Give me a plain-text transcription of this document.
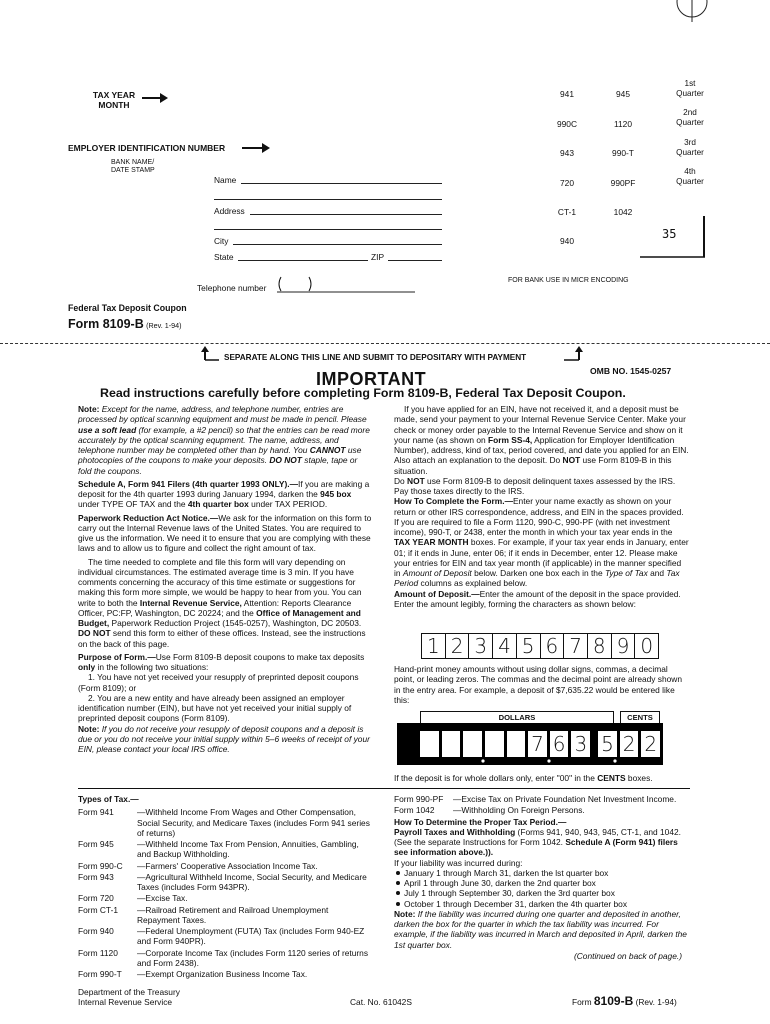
TAX YEAR
MONTH
EMPLOYER IDENTIFICATION NUMBER
BANK NAME/
DATE STAMP
Name
Address
City
State	ZIP
Telephone number
Federal Tax Deposit Coupon
Form 8109-B (Rev. 1-94)
941	945
990C	1120
943	990-T
720	990PF
CT-1	1042
940
1st
Quarter
2nd
Quarter
3rd
Quarter
4th
Quarter
35
FOR BANK USE IN MICR ENCODING
SEPARATE ALONG THIS LINE AND SUBMIT TO DEPOSITARY WITH PAYMENT
OMB NO. 1545-0257
IMPORTANT
Read instructions carefully before completing Form 8109-B, Federal Tax Deposit Coupon.

Note: Except for the name, address, and telephone number, entries are processed by optical scanning equipment and must be made in pencil. Please use a soft lead (for example, a #2 pencil) so that the entries can be read more accurately by the optical scanning equpment. The name, address, and telephone number may be completed other than by hand. You CANNOT use photocopies of the coupons to make your deposits. DO NOT staple, tape or fold the coupons.

Schedule A, Form 941 Filers (4th quarter 1993 ONLY).—If you are making a deposit for the 4th quarter 1993 during January 1994, darken the 945 box under TYPE OF TAX and the 4th quarter box under TAX PERIOD.

Paperwork Reduction Act Notice.—We ask for the information on this form to carry out the Internal Revenue laws of the United States. You are required to give us the information. We need it to ensure that you are complying with these laws and to allow us to figure and collect the right amount of tax.

The time needed to complete and file this form will vary depending on individual circumstances. The estimated average time is 3 min. If you have comments concerning the accuracy of this time estimate or suggestions for making this form more simple, we would be happy to hear from you. You can write to both the Internal Revenue Service, Attention: Reports Clearance Officer, PC:FP, Washington, DC 20224; and the Office of Management and Budget, Paperwork Reduction Project (1545-0257), Washington, DC 20503. DO NOT send this form to either of these offices. Instead, see the instructions on the back of this page.

Purpose of Form.—Use Form 8109-B deposit coupons to make tax deposits only in the following two situations:

1. You have not yet received your resupply of preprinted deposit coupons (Form 8109); or

2. You are a new entity and have already been assigned an employer identification number (EIN), but have not yet received your initial supply of preprinted deposit coupons (Form 8109).

Note: If you do not receive your resupply of deposit coupons and a deposit is due or you do not receive your initial supply within 5–6 weeks of receipt of your EIN, please contact your local IRS office.

If you have applied for an EIN, have not received it, and a deposit must be made, send your payment to your Internal Revenue Service Center. Make your check or money order payable to the Internal Revenue Service and show on it your name (as shown on Form SS-4, Application for Employer Identification Number), address, kind of tax, period covered, and date you applied for an EIN. Also attach an explanation to the deposit. Do NOT use Form 8109-B in this situation.

Do NOT use Form 8109-B to deposit delinquent taxes assessed by the IRS. Pay those taxes directly to the IRS.

How To Complete the Form.—Enter your name exactly as shown on your return or other IRS correspondence, address, and EIN in the spaces provided. If you are required to file a Form 1120, 990-C, 990-PF (with net investment income), 990-T, or 2438, enter the month in which your tax year ends in the TAX YEAR MONTH boxes. For example, if your tax year ends in January, enter 01; if it ends in June, enter 06; if it ends in December, enter 12. Please make your entries for EIN and tax year month (if applicable) in the manner specified in Amount of Deposit below. Darken one box each in the Type of Tax and Tax Period columns as explained below.

Amount of Deposit.—Enter the amount of the deposit in the space provided. Enter the amount legibly, forming the characters as shown below:

1 2 3 4 5 6 7 8 9 0
Hand-print money amounts without using dollar signs, commas, a decimal point, or leading zeros. The commas and the decimal point are already shown in the entry area. For example, a deposit of $7,635.22 would be entered like this:
DOLLARS	CENTS
7 6 3 5 2 2
If the deposit is for whole dollars only, enter "00" in the CENTS boxes.
Types of Tax.—
Form 941	—Withheld Income From Wages and Other Compensation, Social Security, and Medicare Taxes (includes Form 941 series of returns)
Form 945	—Withheld Income Tax From Pension, Annuities, Gambling, and Backup Withholding.
Form 990-C	—Farmers' Cooperative Association Income Tax.
Form 943	—Agricultural Withheld Income, Social Security, and Medicare Taxes (includes Form 943PR).
Form 720	—Excise Tax.
Form CT-1	—Railroad Retirement and Railroad Unemployment Repayment Taxes.
Form 940	—Federal Unemployment (FUTA) Tax (includes Form 940-EZ and Form 940PR).
Form 1120	—Corporate Income Tax (includes Form 1120 series of returns and Form 2438).
Form 990-T	—Exempt Organization Business Income Tax.
Form 990-PF	—Excise Tax on Private Foundation Net Investment Income.
Form 1042	—Withholding On Foreign Persons.
How To Determine the Proper Tax Period.—
Payroll Taxes and Withholding (Forms 941, 940, 943, 945, CT-1, and 1042. (See the separate Instructions for Form 1042. Schedule A (Form 941) filers see information above.)).
If your liability was incurred during:
January 1 through March 31, darken the lst quarter box
April 1 through June 30, darken the 2nd quarter box
July 1 through September 30, darken the 3rd quarter box
October 1 through December 31, darken the 4th quarter box
Note: If the liability was incurred during one quarter and deposited in another, darken the box for the quarter in which the tax liability was incurred. For example, if the liability was incurred in March and deposited in April, darken the 1st quarter box.
(Continued on back of page.)
Department of the Treasury
Internal Revenue Service	Cat. No. 61042S	Form 8109-B (Rev. 1-94)
